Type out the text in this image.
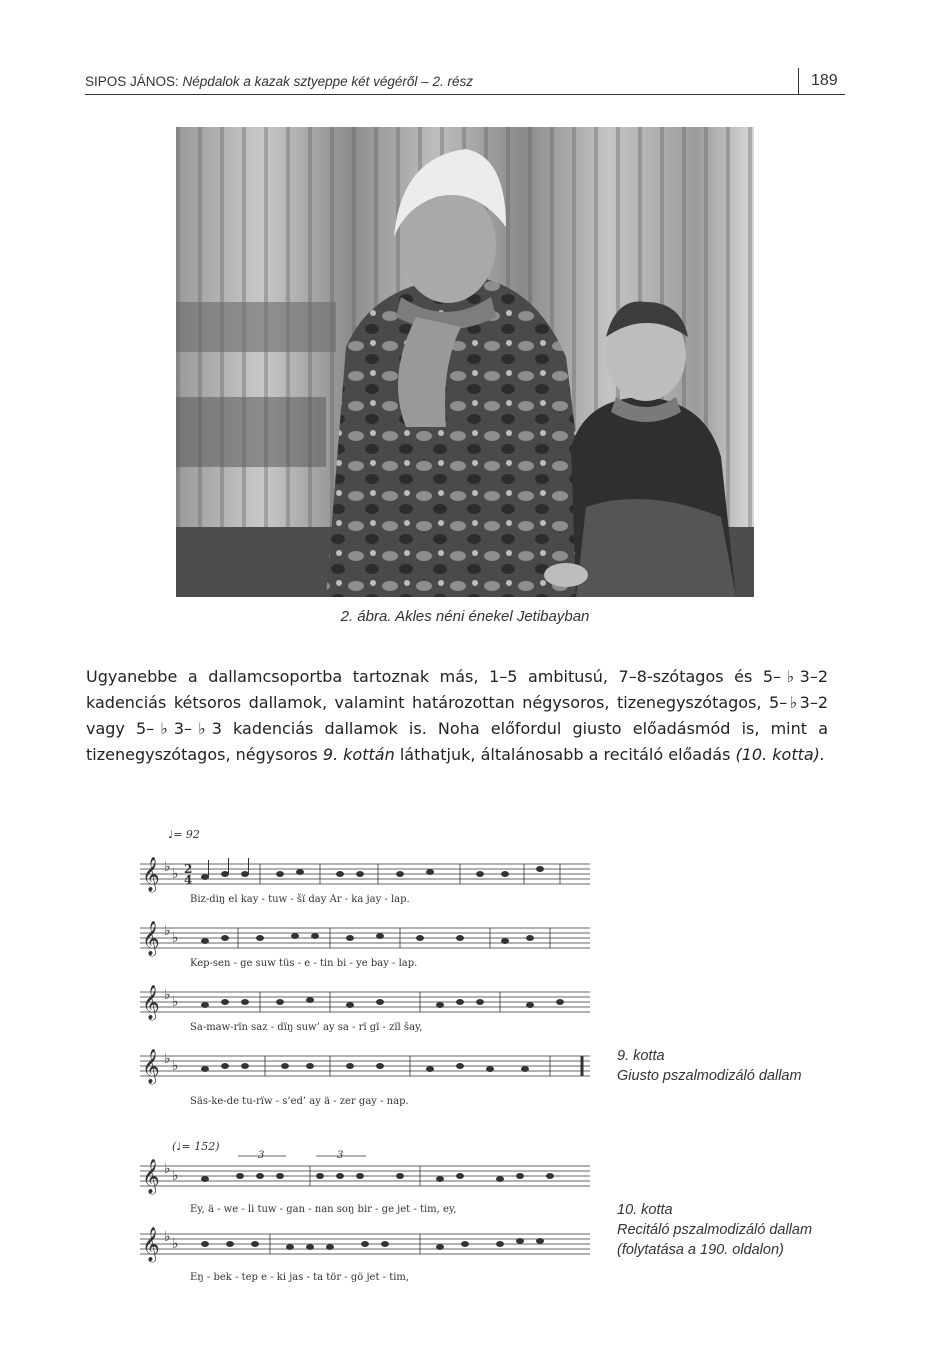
SIPOS JÁNOS: Népdalok a kazak sztyeppe két végéről – 2. rész	189
2. ábra. Akles néni énekel Jetibayban

Ugyanebbe a dallamcsoportba tartoznak más, 1–5 ambitusú, 7–8-szótagos és 5–♭3–2 kadenciás kétsoros dallamok, valamint határozottan négysoros, tizenegyszótagos, 5–♭3–2 vagy 5–♭3–♭3 kadenciás dallamok is. Noha előfordul giusto előadásmód is, mint a tizenegyszótagos, négysoros 9. kottán láthatjuk, általánosabb a recitáló előadás (10. kotta).

𝄞
𝄞
𝄞
𝄞
𝄞
𝄞
♭ ♭
♭ ♭
♭ ♭
♭ ♭
♭ ♭
♭ ♭
2
4
♩= 92
(♩= 152)
3	3
Biz-diŋ el kay - tuw - šï day Ar - ka jay - lap.
Kep-sen - ge suw tüs - e - tin bi - ye bay - lap.
Sa-maw-rïn saz - dïŋ suw’ ay sa - rï gï - zïl šay,
Säs-ke-de tu-rïw - s’ed’ ay ä - zer gay - nap.
Ey, ä - we - li tuw - gan - nan soŋ bir - ge jet - tim, ey,
Eŋ - bek - tep e - ki jas - ta tör - gö jet - tim,
9. kotta
Giusto pszalmodizáló dallam
10. kotta
Recitáló pszalmodizáló dallam
(folytatása a 190. oldalon)
